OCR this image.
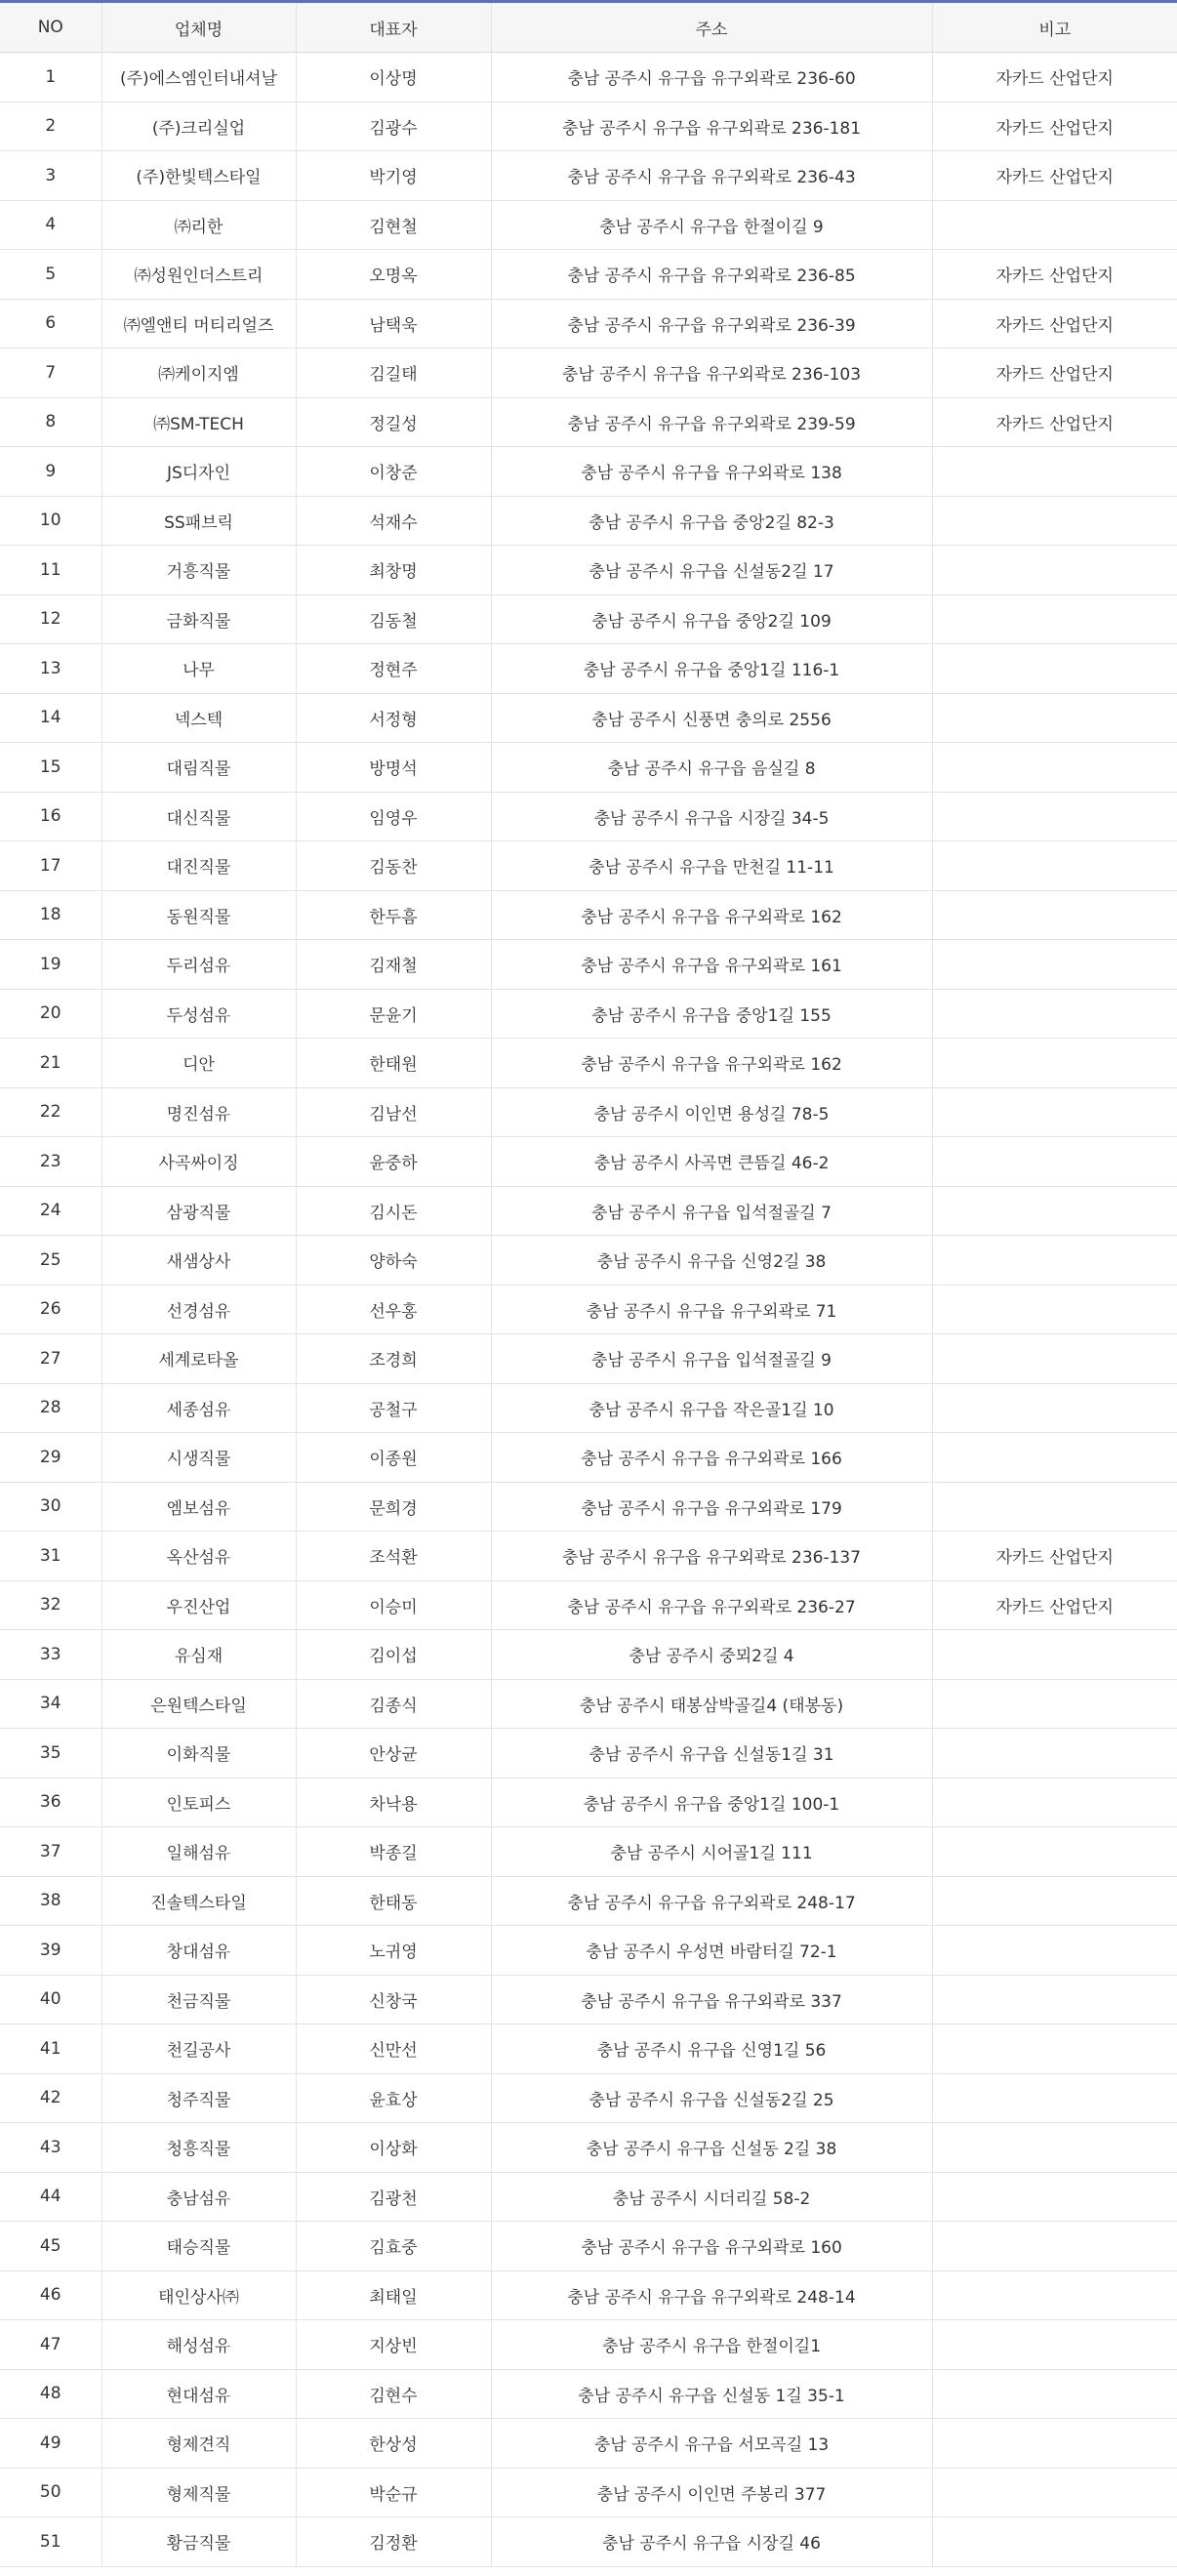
NO	업체명	대표자	주소	비고
1	(주)에스엠인터내셔날	이상명	충남 공주시 유구읍 유구외곽로 236-60	자카드 산업단지
2	(주)크리실업	김광수	충남 공주시 유구읍 유구외곽로 236-181	자카드 산업단지
3	(주)한빛텍스타일	박기영	충남 공주시 유구읍 유구외곽로 236-43	자카드 산업단지
4	㈜리한	김현철	충남 공주시 유구읍 한절이길 9	
5	㈜성원인더스트리	오명옥	충남 공주시 유구읍 유구외곽로 236-85	자카드 산업단지
6	㈜엘앤티 머티리얼즈	남택욱	충남 공주시 유구읍 유구외곽로 236-39	자카드 산업단지
7	㈜케이지엠	김길태	충남 공주시 유구읍 유구외곽로 236-103	자카드 산업단지
8	㈜SM-TECH	정길성	충남 공주시 유구읍 유구외곽로 239-59	자카드 산업단지
9	JS디자인	이창준	충남 공주시 유구읍 유구외곽로 138	
10	SS패브릭	석재수	충남 공주시 유구읍 중앙2길 82-3	
11	거흥직물	최창명	충남 공주시 유구읍 신설동2길 17	
12	금화직물	김동철	충남 공주시 유구읍 중앙2길 109	
13	나무	정현주	충남 공주시 유구읍 중앙1길 116-1	
14	넥스텍	서정형	충남 공주시 신풍면 충의로 2556	
15	대림직물	방명석	충남 공주시 유구읍 음실길 8	
16	대신직물	임영우	충남 공주시 유구읍 시장길 34-5	
17	대진직물	김동찬	충남 공주시 유구읍 만천길 11-11	
18	동원직물	한두흠	충남 공주시 유구읍 유구외곽로 162	
19	두리섬유	김재철	충남 공주시 유구읍 유구외곽로 161	
20	두성섬유	문윤기	충남 공주시 유구읍 중앙1길 155	
21	디안	한태원	충남 공주시 유구읍 유구외곽로 162	
22	명진섬유	김남선	충남 공주시 이인면 용성길 78-5	
23	사곡싸이징	윤중하	충남 공주시 사곡면 큰뜸길 46-2	
24	삼광직물	김시돈	충남 공주시 유구읍 입석절골길 7	
25	새샘상사	양하숙	충남 공주시 유구읍 신영2길 38	
26	선경섬유	선우홍	충남 공주시 유구읍 유구외곽로 71	
27	세계로타올	조경희	충남 공주시 유구읍 입석절골길 9	
28	세종섬유	공철구	충남 공주시 유구읍 작은골1길 10	
29	시생직물	이종원	충남 공주시 유구읍 유구외곽로 166	
30	엠보섬유	문희경	충남 공주시 유구읍 유구외곽로 179	
31	옥산섬유	조석환	충남 공주시 유구읍 유구외곽로 236-137	자카드 산업단지
32	우진산업	이승미	충남 공주시 유구읍 유구외곽로 236-27	자카드 산업단지
33	유심재	김이섭	충남 공주시 중뫼2길 4	
34	은원텍스타일	김종식	충남 공주시 태봉삼박골길4 (태봉동)	
35	이화직물	안상균	충남 공주시 유구읍 신설동1길 31	
36	인토피스	차낙용	충남 공주시 유구읍 중앙1길 100-1	
37	일해섬유	박종길	충남 공주시 시어골1길 111	
38	진솔텍스타일	한태동	충남 공주시 유구읍 유구외곽로 248-17	
39	창대섬유	노귀영	충남 공주시 우성면 바람터길 72-1	
40	천금직물	신창국	충남 공주시 유구읍 유구외곽로 337	
41	천길공사	신만선	충남 공주시 유구읍 신영1길 56	
42	청주직물	윤효상	충남 공주시 유구읍 신설동2길 25	
43	청흥직물	이상화	충남 공주시 유구읍 신설동 2길 38	
44	충남섬유	김광천	충남 공주시 시더리길 58-2	
45	태승직물	김효중	충남 공주시 유구읍 유구외곽로 160	
46	태인상사㈜	최태일	충남 공주시 유구읍 유구외곽로 248-14	
47	해성섬유	지상빈	충남 공주시 유구읍 한절이길1	
48	현대섬유	김현수	충남 공주시 유구읍 신설동 1길 35-1	
49	형제견직	한상성	충남 공주시 유구읍 서모곡길 13	
50	형제직물	박순규	충남 공주시 이인면 주봉리 377	
51	황금직물	김정환	충남 공주시 유구읍 시장길 46	
